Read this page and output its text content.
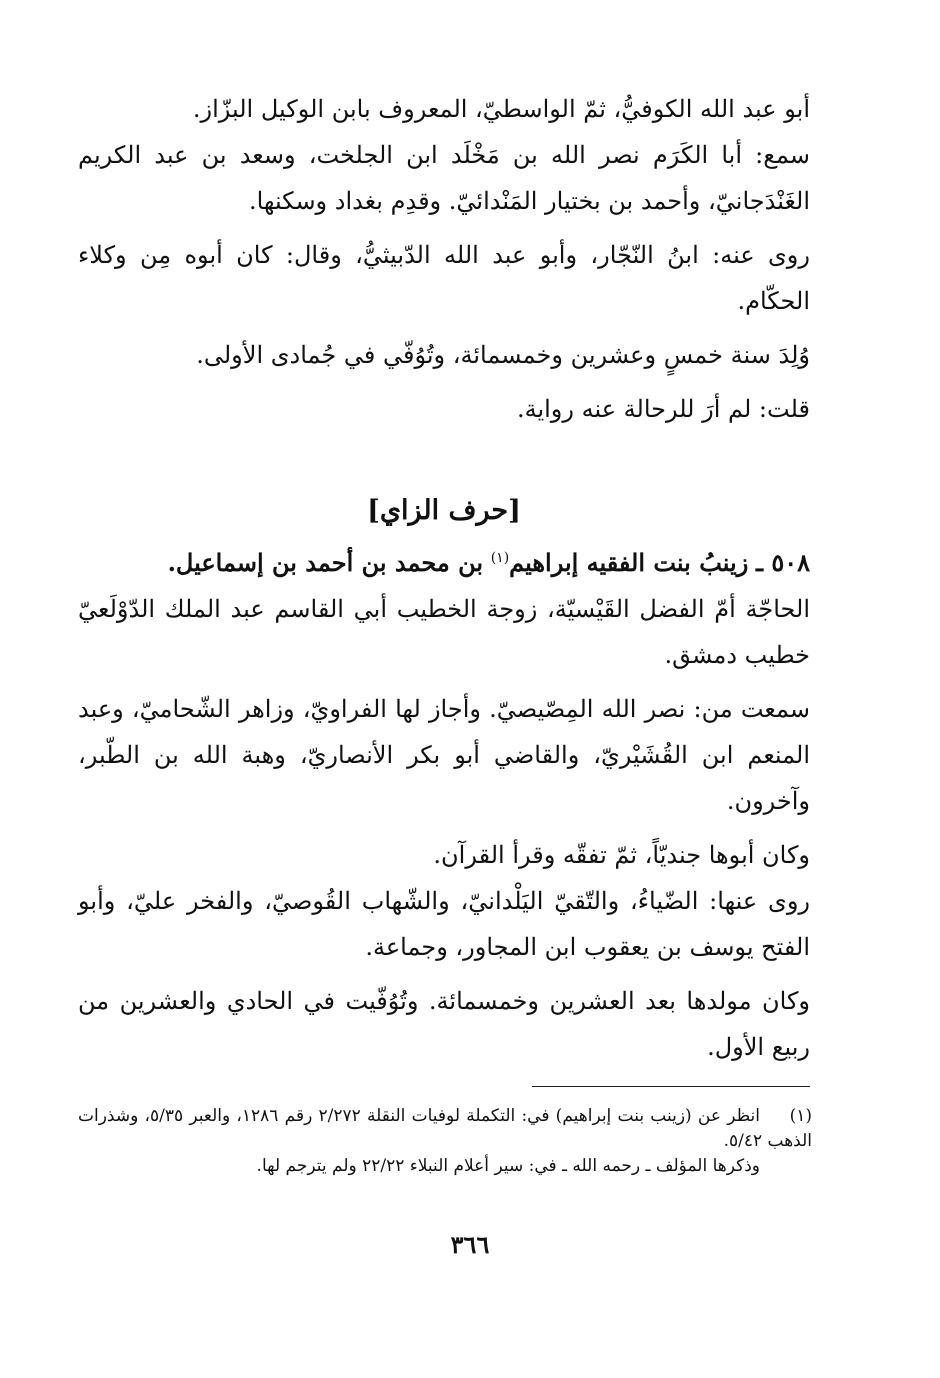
أبو عبد الله الكوفيُّ، ثمّ الواسطيّ، المعروف بابن الوكيل البزّاز.

سمع: أبا الكَرَم نصر الله بن مَخْلَد ابن الجلخت، وسعد بن عبد الكريم الغَنْدَجانيّ، وأحمد بن بختيار المَنْدائيّ. وقدِم بغداد وسكنها.

روى عنه: ابنُ النّجّار، وأبو عبد الله الدّبيثيُّ، وقال: كان أبوه مِن وكلاء الحكّام.

وُلِدَ سنة خمسٍ وعشرين وخمسمائة، وتُوُفّي في جُمادى الأولى.

قلت: لم أرَ للرحالة عنه رواية.

[حرف الزاي]

٥٠٨ ـ زينبُ بنت الفقيه إبراهيم$^{(١)}$ بن محمد بن أحمد بن إسماعيل.

الحاجّة أمّ الفضل القَيْسيّة، زوجة الخطيب أبي القاسم عبد الملك الدّوْلَعيّ خطيب دمشق.

سمعت من: نصر الله المِصّيصيّ. وأجاز لها الفراويّ، وزاهر الشّحاميّ، وعبد المنعم ابن القُشَيْريّ، والقاضي أبو بكر الأنصاريّ، وهبة الله بن الطّبر، وآخرون.

وكان أبوها جنديّاً، ثمّ تفقّه وقرأ القرآن.

روى عنها: الضّياءُ، والتّقيّ اليَلْدانيّ، والشّهاب القُوصيّ، والفخر عليّ، وأبو الفتح يوسف بن يعقوب ابن المجاور، وجماعة.

وكان مولدها بعد العشرين وخمسمائة. وتُوُفّيت في الحادي والعشرين من ربيع الأول.

(١)انظر عن (زينب بنت إبراهيم) في: التكملة لوفيات النقلة ٢/٢٧٢ رقم ١٢٨٦، والعبر ٥/٣٥، وشذرات الذهب ٥/٤٢.

وذكرها المؤلف ـ رحمه الله ـ في: سير أعلام النبلاء ٢٢/٢٢ ولم يترجم لها.

٣٦٦
